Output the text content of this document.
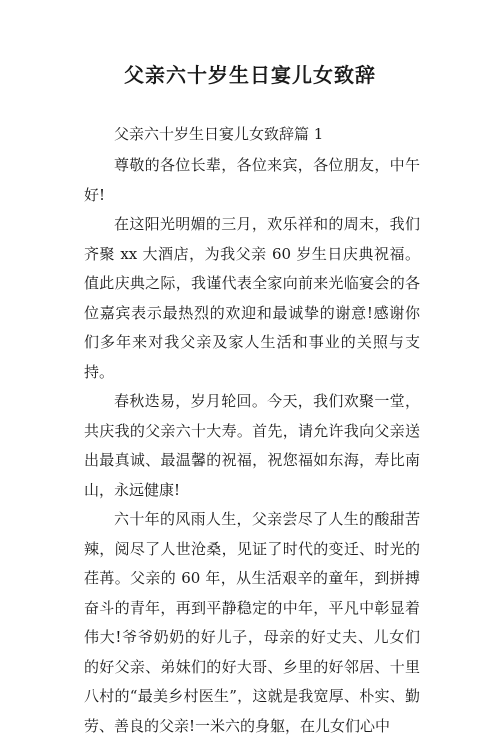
父亲六十岁生日宴儿女致辞

父亲六十岁生日宴儿女致辞篇 1

尊敬的各位长辈，各位来宾，各位朋友，中午好!

在这阳光明媚的三月，欢乐祥和的周末，我们齐聚 xx 大酒店，为我父亲 60 岁生日庆典祝福。值此庆典之际，我谨代表全家向前来光临宴会的各位嘉宾表示最热烈的欢迎和最诚挚的谢意!感谢你们多年来对我父亲及家人生活和事业的关照与支持。

春秋迭易，岁月轮回。今天，我们欢聚一堂，共庆我的父亲六十大寿。首先，请允许我向父亲送出最真诚、最温馨的祝福，祝您福如东海，寿比南山，永远健康!

六十年的风雨人生，父亲尝尽了人生的酸甜苦辣，阅尽了人世沧桑，见证了时代的变迁、时光的荏苒。父亲的 60 年，从生活艰辛的童年，到拼搏奋斗的青年，再到平静稳定的中年，平凡中彰显着伟大!爷爷奶奶的好儿子，母亲的好丈夫、儿女们的好父亲、弟妹们的好大哥、乡里的好邻居、十里八村的“最美乡村医生”，这就是我宽厚、朴实、勤劳、善良的父亲!一米六的身躯，在儿女们心中
